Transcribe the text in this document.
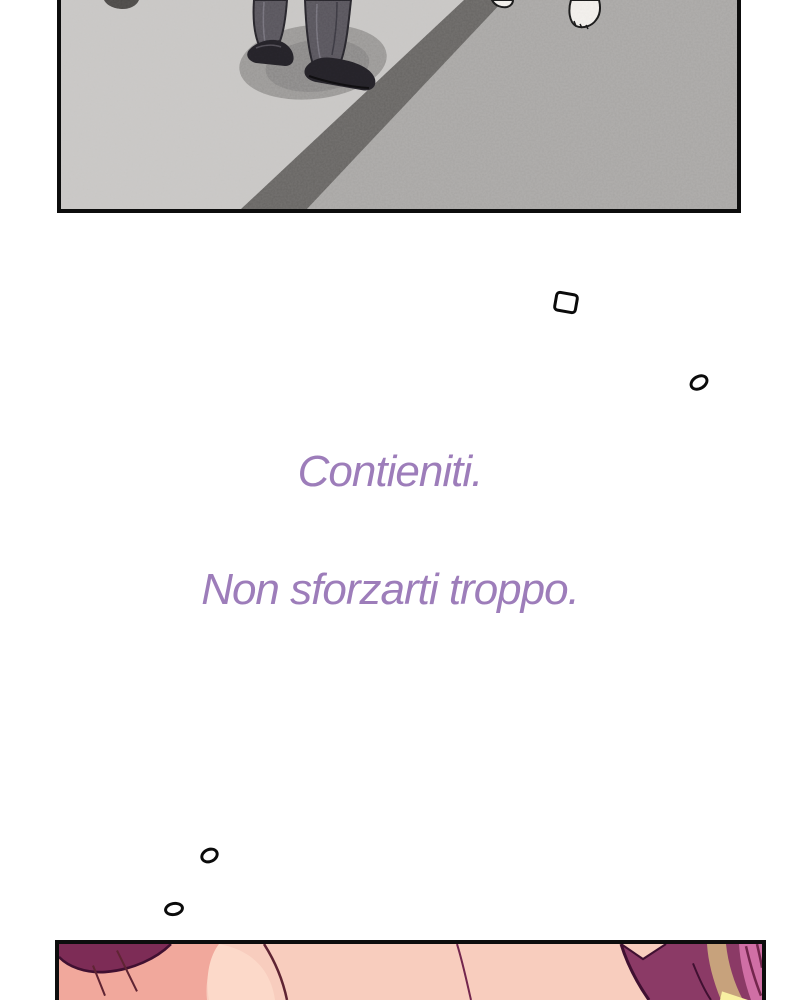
Contieniti.
Non sforzarti troppo.
